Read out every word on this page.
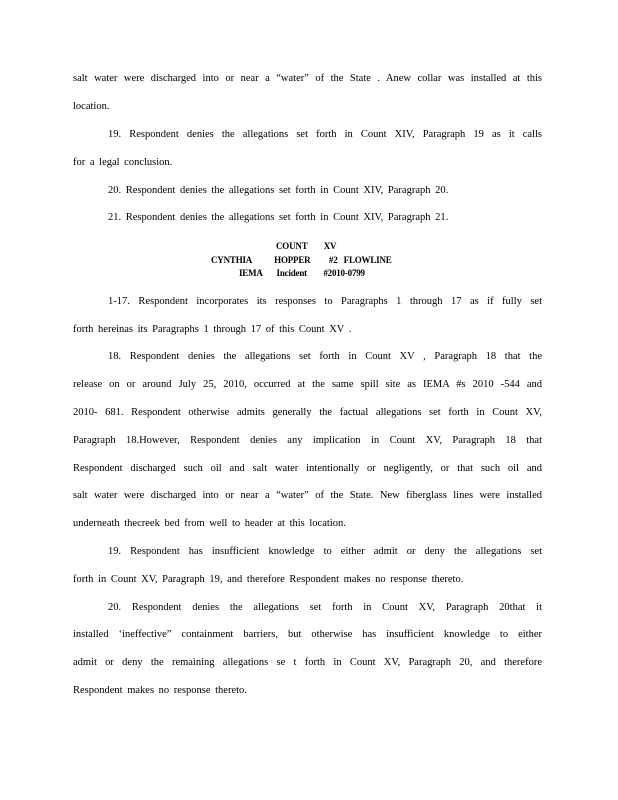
salt water were discharged into or near a “water” of the State . Anew collar was installed at this
location.
19. Respondent denies the allegations set forth in Count XIV, Paragraph 19 as it calls
for a legal conclusion.
20. Respondent denies the allegations set forth in Count XIV, Paragraph 20.
21. Respondent denies the allegations set forth in Count XIV, Paragraph 21.
COUNT        XV
CYNTHIA           HOPPER         #2   FLOWLINE
IEMA       Incident        #2010-0799
1-17. Respondent incorporates its responses to Paragraphs 1 through 17 as if fully set
forth hereinas its Paragraphs 1 through 17 of this Count XV .
18. Respondent denies the allegations set forth in Count XV , Paragraph 18 that the
release on or around July 25, 2010, occurred at the same spill site as IEMA #s 2010 -544 and
2010- 681. Respondent otherwise admits generally the factual allegations set forth in Count XV,
Paragraph 18.However, Respondent denies any implication in Count XV, Paragraph 18 that
Respondent discharged such oil and salt water intentionally or negligently, or that such oil and
salt water were discharged into or near a “water” of the State. New fiberglass lines were installed
underneath thecreek bed from well to header at this location.
19. Respondent has insufficient knowledge to either admit or deny the allegations set
forth in Count XV, Paragraph 19, and therefore Respondent makes no response thereto.
20. Respondent denies the allegations set forth in Count XV, Paragraph 20that it
installed ‘ineffective” containment barriers, but otherwise has insufficient knowledge to either
admit or deny the remaining allegations se t forth in Count XV, Paragraph 20, and therefore
Respondent makes no response thereto.
